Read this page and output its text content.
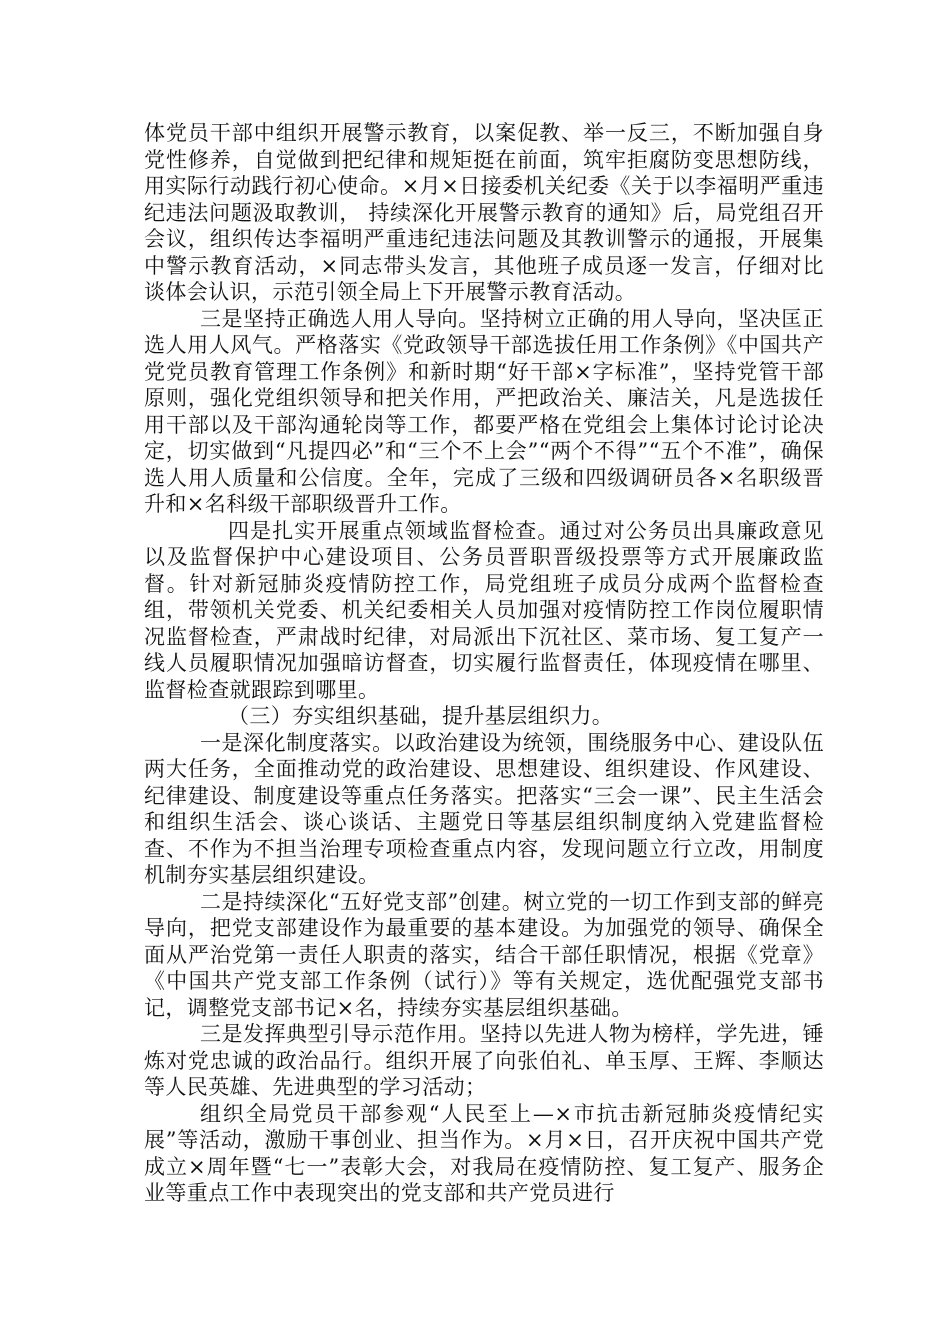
体党员干部中组织开展警示教育，以案促教、举一反三，不断加强自身党性修养，自觉做到把纪律和规矩挺在前面，筑牢拒腐防变思想防线，用实际行动践行初心使命。×月×日接委机关纪委《关于以李福明严重违纪违法问题汲取教训， 持续深化开展警示教育的通知》后，局党组召开会议，组织传达李福明严重违纪违法问题及其教训警示的通报，开展集中警示教育活动，×同志带头发言，其他班子成员逐一发言，仔细对比谈体会认识，示范引领全局上下开展警示教育活动。

三是坚持正确选人用人导向。坚持树立正确的用人导向，坚决匡正选人用人风气。严格落实《党政领导干部选拔任用工作条例》《中国共产党党员教育管理工作条例》和新时期“好干部×字标准”，坚持党管干部原则，强化党组织领导和把关作用，严把政治关、廉洁关，凡是选拔任用干部以及干部沟通轮岗等工作，都要严格在党组会上集体讨论讨论决定，切实做到“凡提四必”和“三个不上会”“两个不得”“五个不准”，确保选人用人质量和公信度。全年，完成了三级和四级调研员各×名职级晋升和×名科级干部职级晋升工作。

四是扎实开展重点领域监督检查。通过对公务员出具廉政意见以及监督保护中心建设项目、公务员晋职晋级投票等方式开展廉政监督。针对新冠肺炎疫情防控工作，局党组班子成员分成两个监督检查组，带领机关党委、机关纪委相关人员加强对疫情防控工作岗位履职情况监督检查，严肃战时纪律，对局派出下沉社区、菜市场、复工复产一线人员履职情况加强暗访督查，切实履行监督责任，体现疫情在哪里、监督检查就跟踪到哪里。

（三）夯实组织基础，提升基层组织力。

一是深化制度落实。以政治建设为统领，围绕服务中心、建设队伍两大任务，全面推动党的政治建设、思想建设、组织建设、作风建设、纪律建设、制度建设等重点任务落实。把落实“三会一课”、民主生活会和组织生活会、谈心谈话、主题党日等基层组织制度纳入党建监督检查、不作为不担当治理专项检查重点内容，发现问题立行立改，用制度机制夯实基层组织建设。

二是持续深化“五好党支部”创建。树立党的一切工作到支部的鲜亮导向，把党支部建设作为最重要的基本建设。为加强党的领导、确保全面从严治党第一责任人职责的落实，结合干部任职情况，根据《党章》《中国共产党支部工作条例（试行）》等有关规定，选优配强党支部书记，调整党支部书记×名，持续夯实基层组织基础。

三是发挥典型引导示范作用。坚持以先进人物为榜样，学先进，锤炼对党忠诚的政治品行。组织开展了向张伯礼、单玉厚、王辉、李顺达等人民英雄、先进典型的学习活动；

组织全局党员干部参观“人民至上—×市抗击新冠肺炎疫情纪实展”等活动，激励干事创业、担当作为。×月×日，召开庆祝中国共产党成立×周年暨“七一”表彰大会，对我局在疫情防控、复工复产、服务企业等重点工作中表现突出的党支部和共产党员进行
